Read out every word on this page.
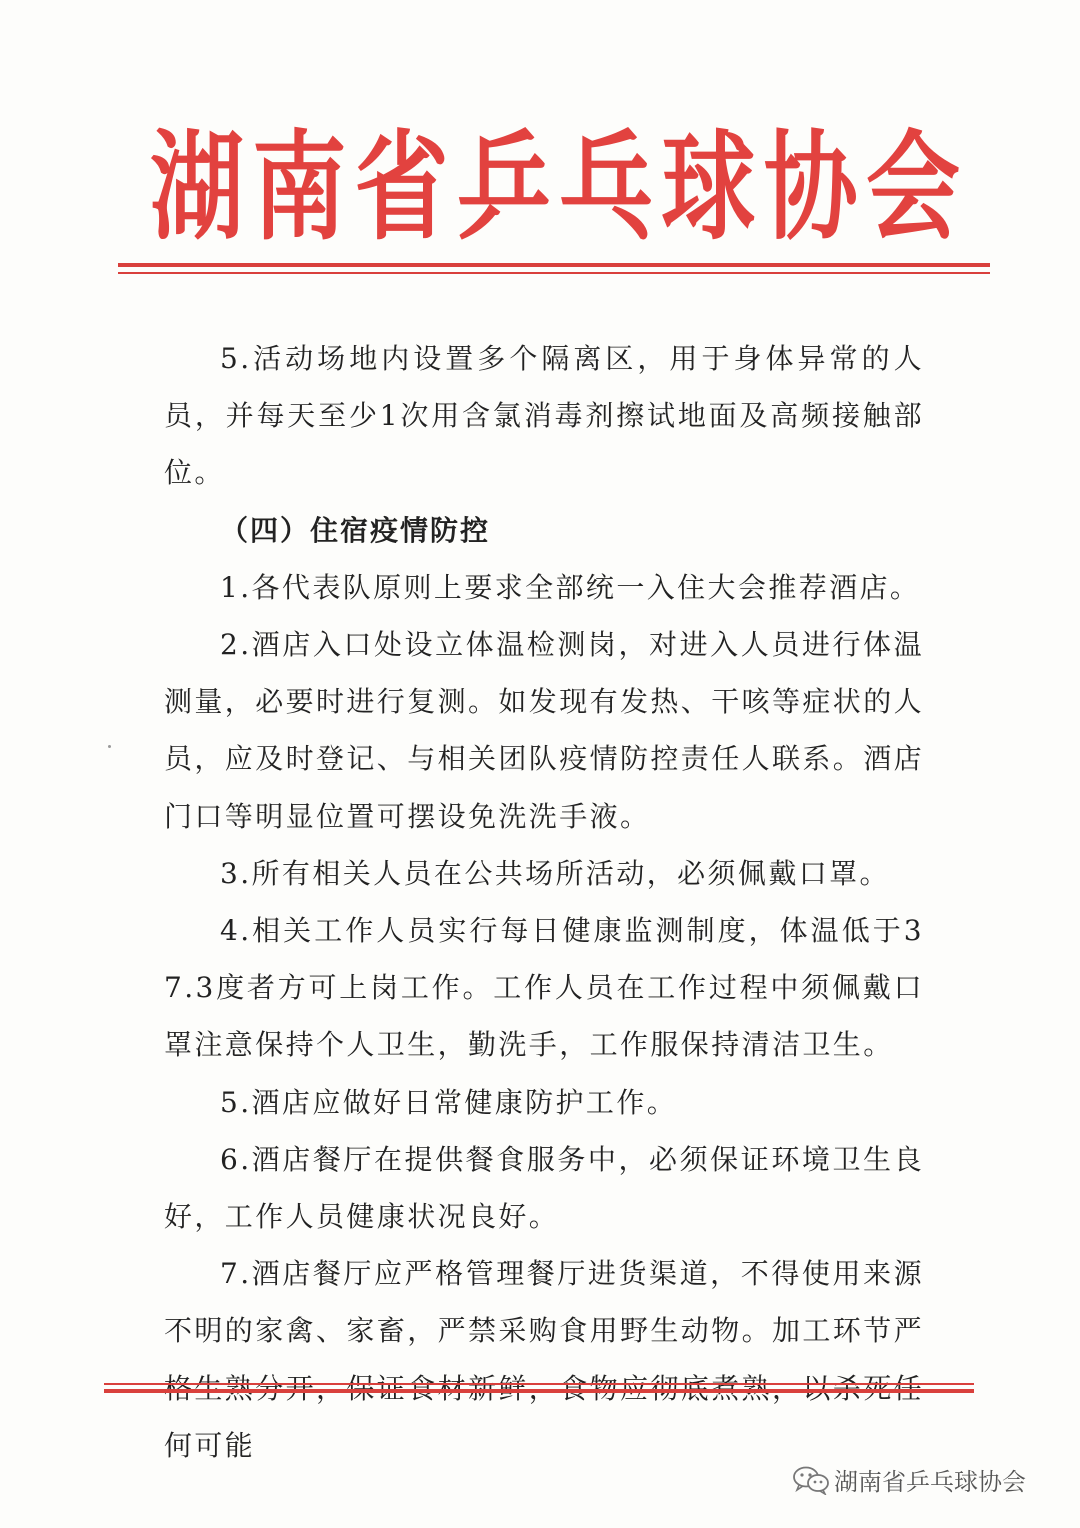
湖 南 省 乒 乓 球 协 会

5.活动场地内设置多个隔离区，用于身体异常的人员，并每天至少1次用含氯消毒剂擦试地面及高频接触部位。

（四）住宿疫情防控

1.各代表队原则上要求全部统一入住大会推荐酒店。

2.酒店入口处设立体温检测岗，对进入人员进行体温测量，必要时进行复测。如发现有发热、干咳等症状的人员，应及时登记、与相关团队疫情防控责任人联系。酒店门口等明显位置可摆设免洗洗手液。

3.所有相关人员在公共场所活动，必须佩戴口罩。

4.相关工作人员实行每日健康监测制度，体温低于37.3度者方可上岗工作。工作人员在工作过程中须佩戴口罩注意保持个人卫生，勤洗手，工作服保持清洁卫生。

5.酒店应做好日常健康防护工作。

6.酒店餐厅在提供餐食服务中，必须保证环境卫生良好，工作人员健康状况良好。

7.酒店餐厅应严格管理餐厅进货渠道，不得使用来源不明的家禽、家畜，严禁采购食用野生动物。加工环节严 何可能

湖南省乒乓球协会
